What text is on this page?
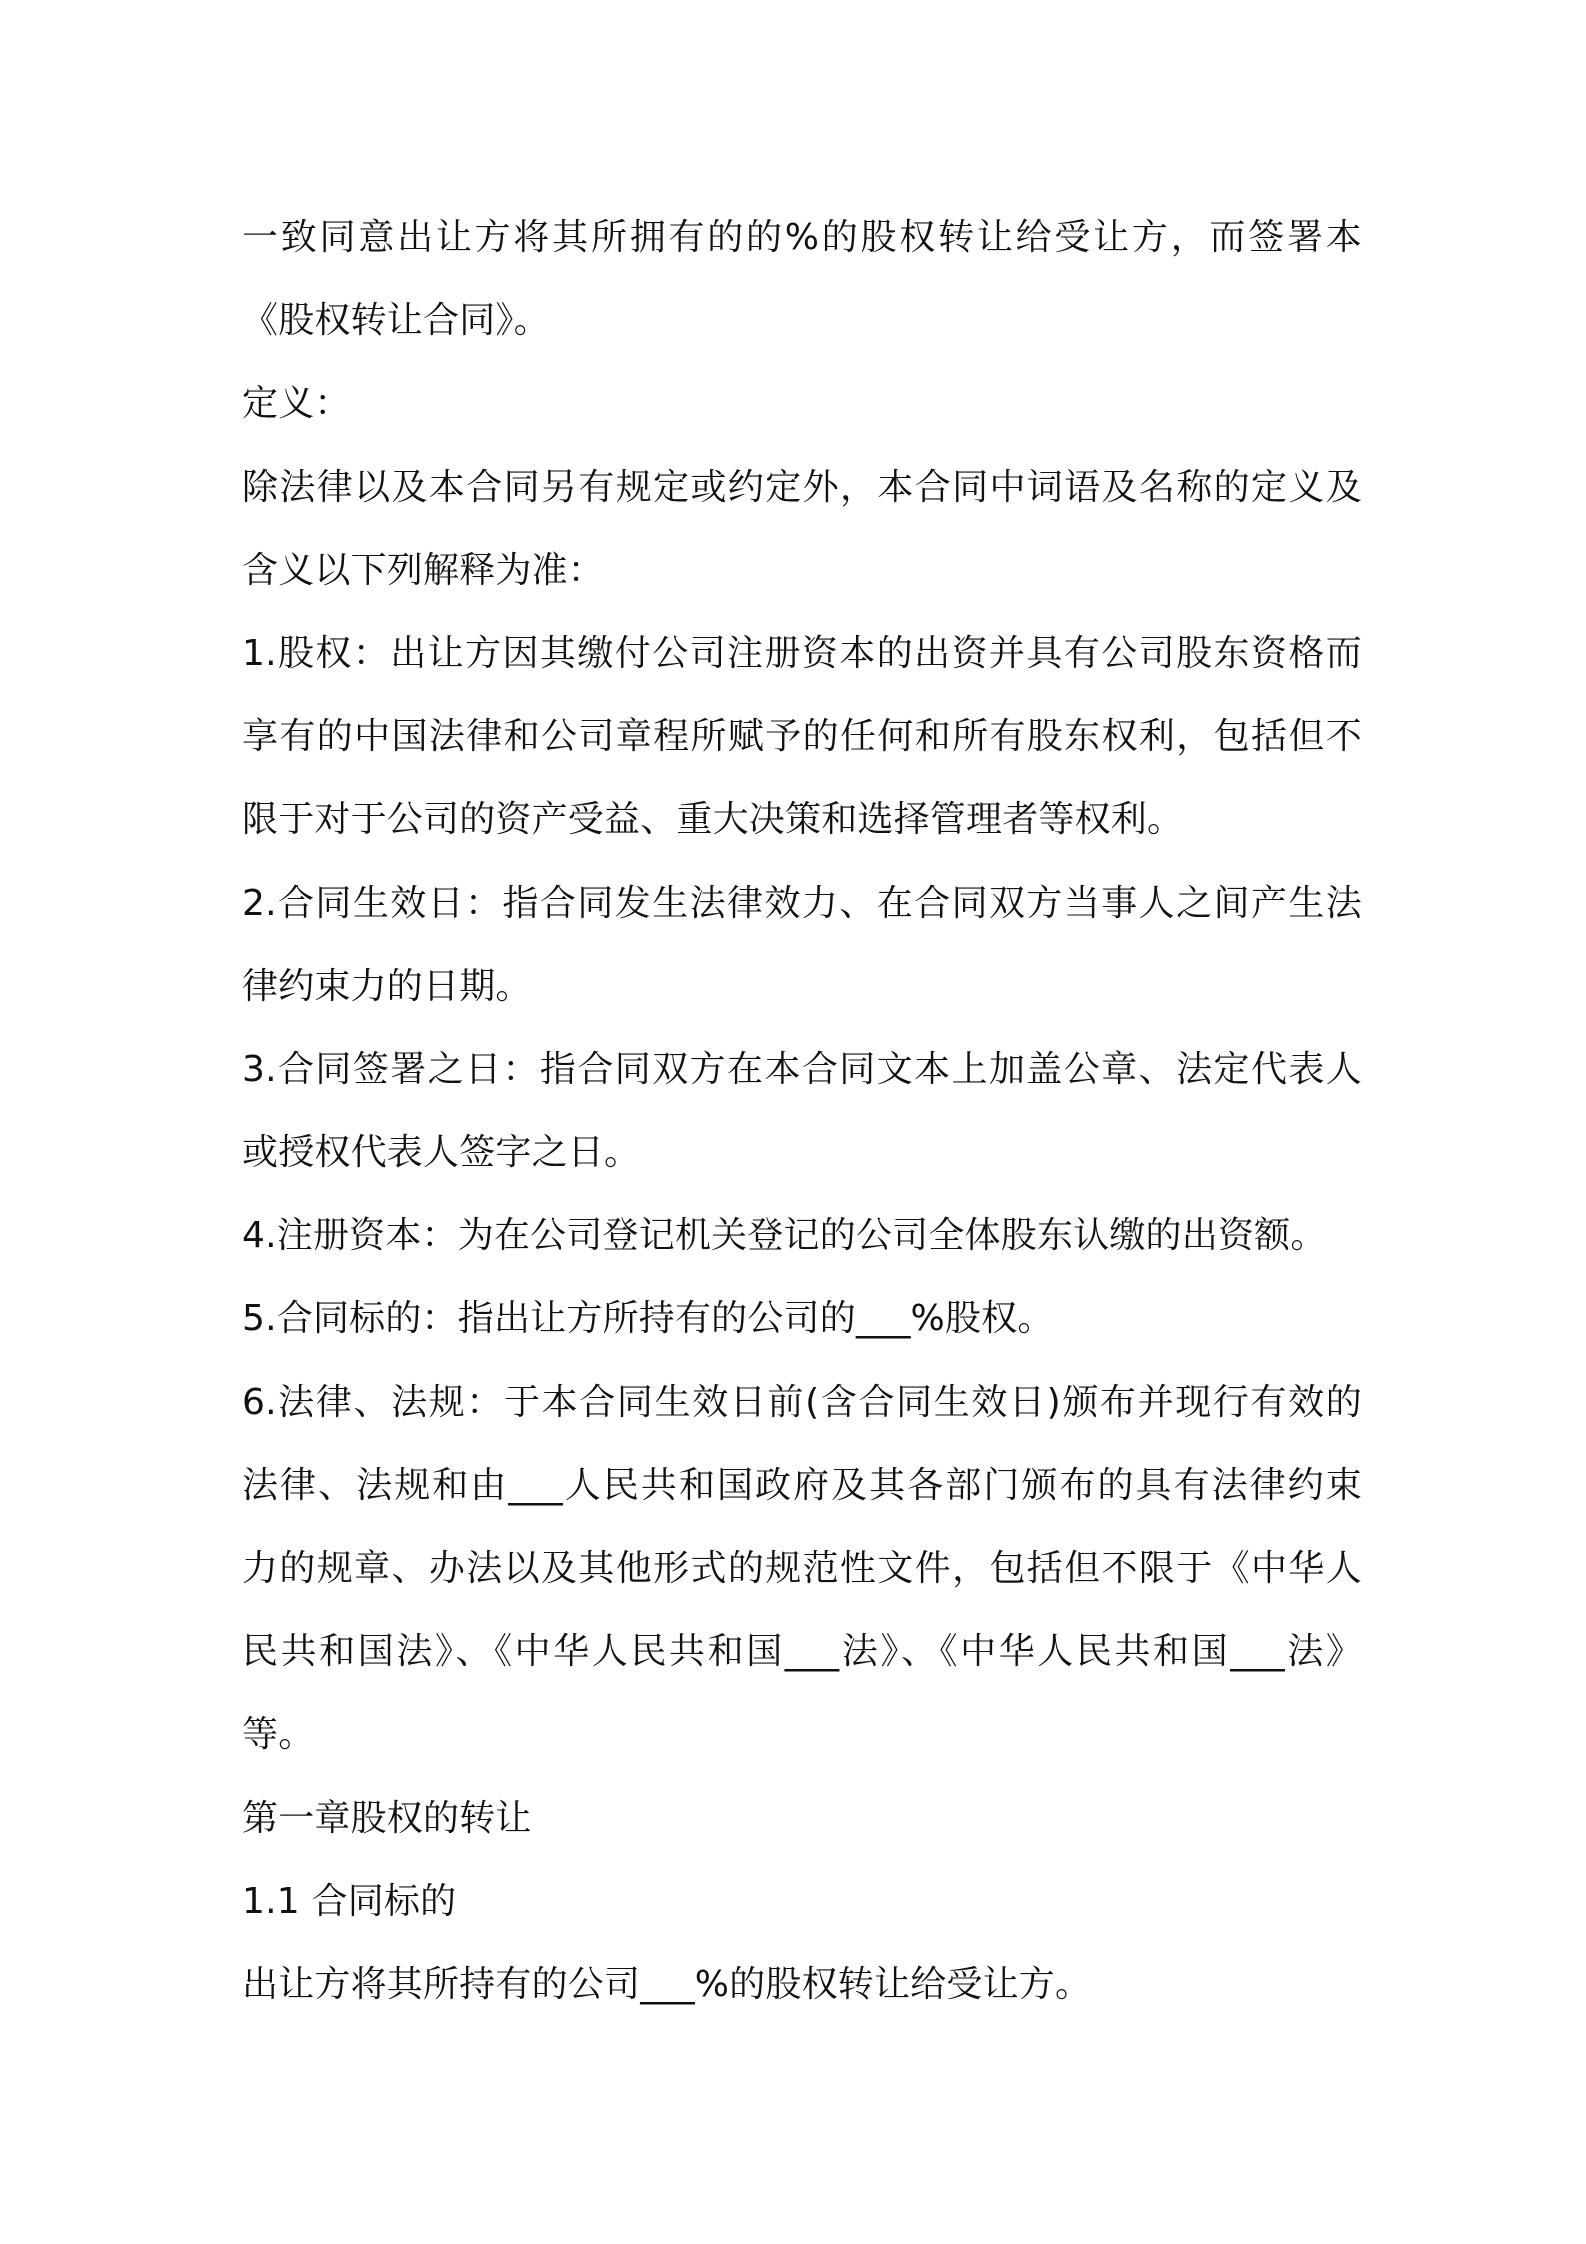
一致同意出让方将其所拥有的的%的股权转让给受让方，而签署本
《股权转让合同》。
定义：
除法律以及本合同另有规定或约定外，本合同中词语及名称的定义及
含义以下列解释为准：
1.股权：出让方因其缴付公司注册资本的出资并具有公司股东资格而
享有的中国法律和公司章程所赋予的任何和所有股东权利，包括但不
限于对于公司的资产受益、重大决策和选择管理者等权利。
2.合同生效日：指合同发生法律效力、在合同双方当事人之间产生法
律约束力的日期。
3.合同签署之日：指合同双方在本合同文本上加盖公章、法定代表人
或授权代表人签字之日。
4.注册资本：为在公司登记机关登记的公司全体股东认缴的出资额。
5.合同标的：指出让方所持有的公司的___%股权。
6.法律、法规：于本合同生效日前(含合同生效日)颁布并现行有效的
法律、法规和由___人民共和国政府及其各部门颁布的具有法律约束
力的规章、办法以及其他形式的规范性文件，包括但不限于《中华人
民共和国法》、《中华人民共和国___法》、《中华人民共和国___法》
等。
第一章股权的转让
1.1 合同标的
出让方将其所持有的公司___%的股权转让给受让方。
